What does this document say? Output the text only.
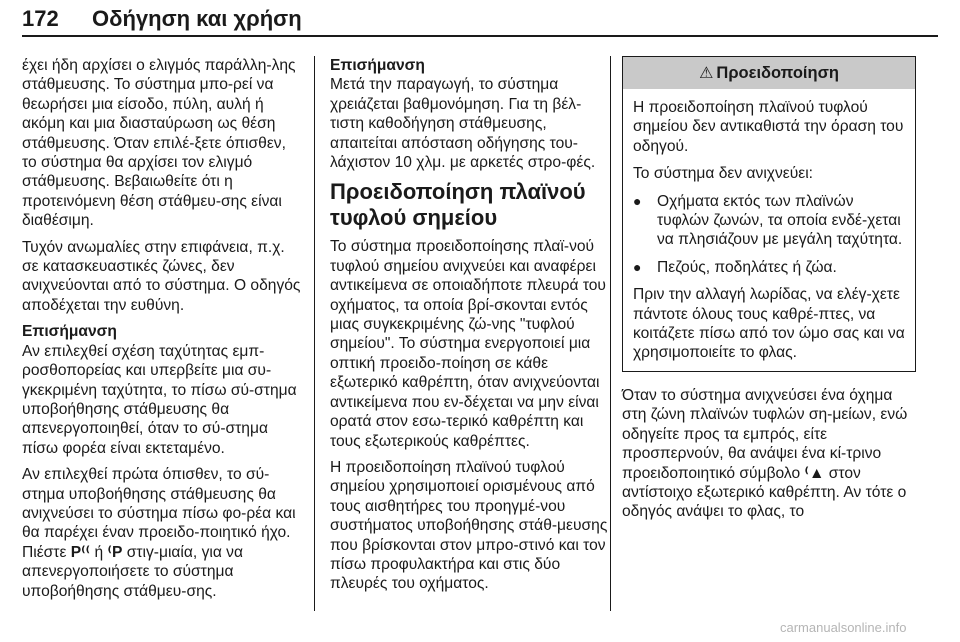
172 Οδήγηση και χρήση

έχει ήδη αρχίσει ο ελιγμός παράλλη-λης στάθμευσης. Το σύστημα μπο-ρεί να θεωρήσει μια είσοδο, πύλη, αυλή ή ακόμη και μια διασταύρωση ως θέση στάθμευσης. Όταν επιλέ-ξετε όπισθεν, το σύστημα θα αρχίσει τον ελιγμό στάθμευσης. Βεβαιωθείτε ότι η προτεινόμενη θέση στάθμευ-σης είναι διαθέσιμη.

Τυχόν ανωμαλίες στην επιφάνεια, π.χ. σε κατασκευαστικές ζώνες, δεν ανιχνεύονται από το σύστημα. Ο οδηγός αποδέχεται την ευθύνη.

Επισήμανση

Αν επιλεχθεί σχέση ταχύτητας εμπ-ροσθοπορείας και υπερβείτε μια συ-γκεκριμένη ταχύτητα, το πίσω σύ-στημα υποβοήθησης στάθμευσης θα απενεργοποιηθεί, όταν το σύ-στημα πίσω φορέα είναι εκτεταμένο.

Αν επιλεχθεί πρώτα όπισθεν, το σύ-στημα υποβοήθησης στάθμευσης θα ανιχνεύσει το σύστημα πίσω φο-ρέα και θα παρέχει έναν προειδο-ποιητικό ήχο. Πιέστε P⁽⁽ ή ⁽P στιγ-μιαία, για να απενεργοποιήσετε το σύστημα υποβοήθησης στάθμευ-σης.

Επισήμανση

Μετά την παραγωγή, το σύστημα χρειάζεται βαθμονόμηση. Για τη βέλ-τιστη καθοδήγηση στάθμευσης, απαιτείται απόσταση οδήγησης του-λάχιστον 10 χλμ. με αρκετές στρο-φές.

Προειδοποίηση πλαϊνού τυφλού σημείου

Το σύστημα προειδοποίησης πλαϊ-νού τυφλού σημείου ανιχνεύει και αναφέρει αντικείμενα σε οποιαδήποτε πλευρά του οχήματος, τα οποία βρί-σκονται εντός μιας συγκεκριμένης ζώ-νης "τυφλού σημείου". Το σύστημα ενεργοποιεί μια οπτική προειδο-ποίηση σε κάθε εξωτερικό καθρέπτη, όταν ανιχνεύονται αντικείμενα που εν-δέχεται να μην είναι ορατά στον εσω-τερικό καθρέπτη και τους εξωτερικούς καθρέπτες.

Η προειδοποίηση πλαϊνού τυφλού σημείου χρησιμοποιεί ορισμένους από τους αισθητήρες του προηγμέ-νου συστήματος υποβοήθησης στάθ-μευσης που βρίσκονται στον μπρο-στινό και τον πίσω προφυλακτήρα και στις δύο πλευρές του οχήματος.

⚠ Προειδοποίηση

Η προειδοποίηση πλαϊνού τυφλού σημείου δεν αντικαθιστά την όραση του οδηγού.

Το σύστημα δεν ανιχνεύει:

● Οχήματα εκτός των πλαϊνών τυφλών ζωνών, τα οποία ενδέ-χεται να πλησιάζουν με μεγάλη ταχύτητα.
● Πεζούς, ποδηλάτες ή ζώα.

Πριν την αλλαγή λωρίδας, να ελέγ-χετε πάντοτε όλους τους καθρέ-πτες, να κοιτάζετε πίσω από τον ώμο σας και να χρησιμοποιείτε το φλας.

Όταν το σύστημα ανιχνεύσει ένα όχημα στη ζώνη πλαϊνών τυφλών ση-μείων, ενώ οδηγείτε προς τα εμπρός, είτε προσπερνούν, θα ανάψει ένα κί-τρινο προειδοποιητικό σύμβολο ⁽▲ στον αντίστοιχο εξωτερικό καθρέπτη. Αν τότε ο οδηγός ανάψει το φλας, το

carmanualsonline.info
